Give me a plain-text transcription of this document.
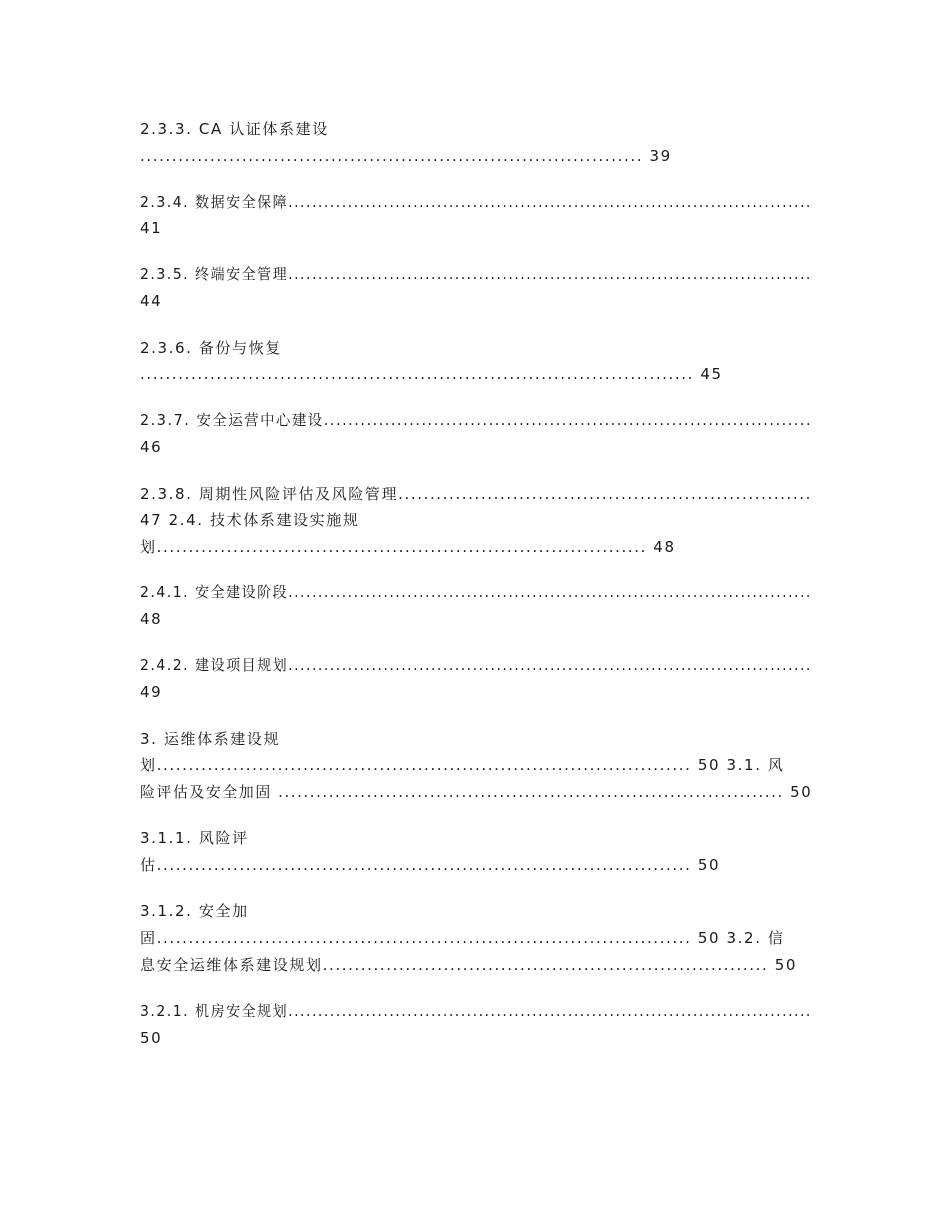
2.3.3. CA 认证体系建设

............................................................................... 39

2.3.4. 数据安全保障........................................................................................

41

2.3.5. 终端安全管理........................................................................................

44

2.3.6. 备份与恢复

....................................................................................... 45

2.3.7. 安全运营中心建设................................................................................

46

2.3.8. 周期性风险评估及风险管理.................................................................

47 2.4. 技术体系建设实施规

划............................................................................. 48

2.4.1. 安全建设阶段........................................................................................

48

2.4.2. 建设项目规划........................................................................................

49

3. 运维体系建设规

划.................................................................................... 50 3.1. 风

险评估及安全加固 ................................................................................ 50

3.1.1. 风险评

估.................................................................................... 50

3.1.2. 安全加

固.................................................................................... 50 3.2. 信

息安全运维体系建设规划...................................................................... 50

3.2.1. 机房安全规划........................................................................................

50
